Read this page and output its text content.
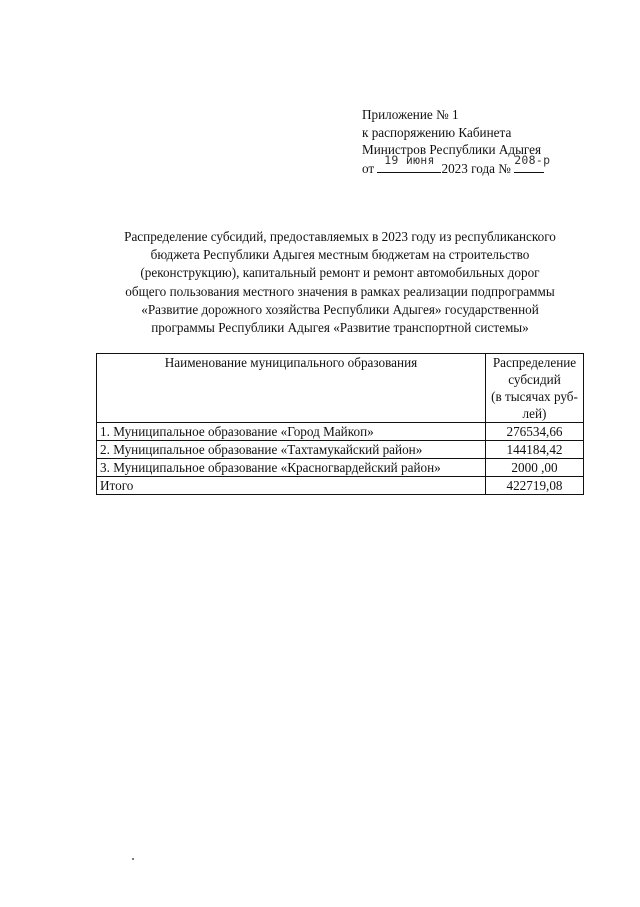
Приложение № 1
к распоряжению Кабинета
Министров Республики Адыгея
от
19 июня
2023 года №
208-р
Распределение субсидий, предоставляемых в 2023 году из республиканского
бюджета Республики Адыгея местным бюджетам на строительство
(реконструкцию), капитальный ремонт и ремонт автомобильных дорог
общего пользования местного значения в рамках реализации подпрограммы
«Развитие дорожного хозяйства Республики Адыгея» государственной
программы Республики Адыгея «Развитие транспортной системы»
Наименование муниципального образования	Распределение
субсидий
(в тысячах руб-
лей)

1. Муниципальное образование «Город Майкоп»	276534,66
2. Муниципальное образование «Тахтамукайский район»	144184,42
3. Муниципальное образование «Красногвардейский район»	2000 ,00
Итого	422719,08
